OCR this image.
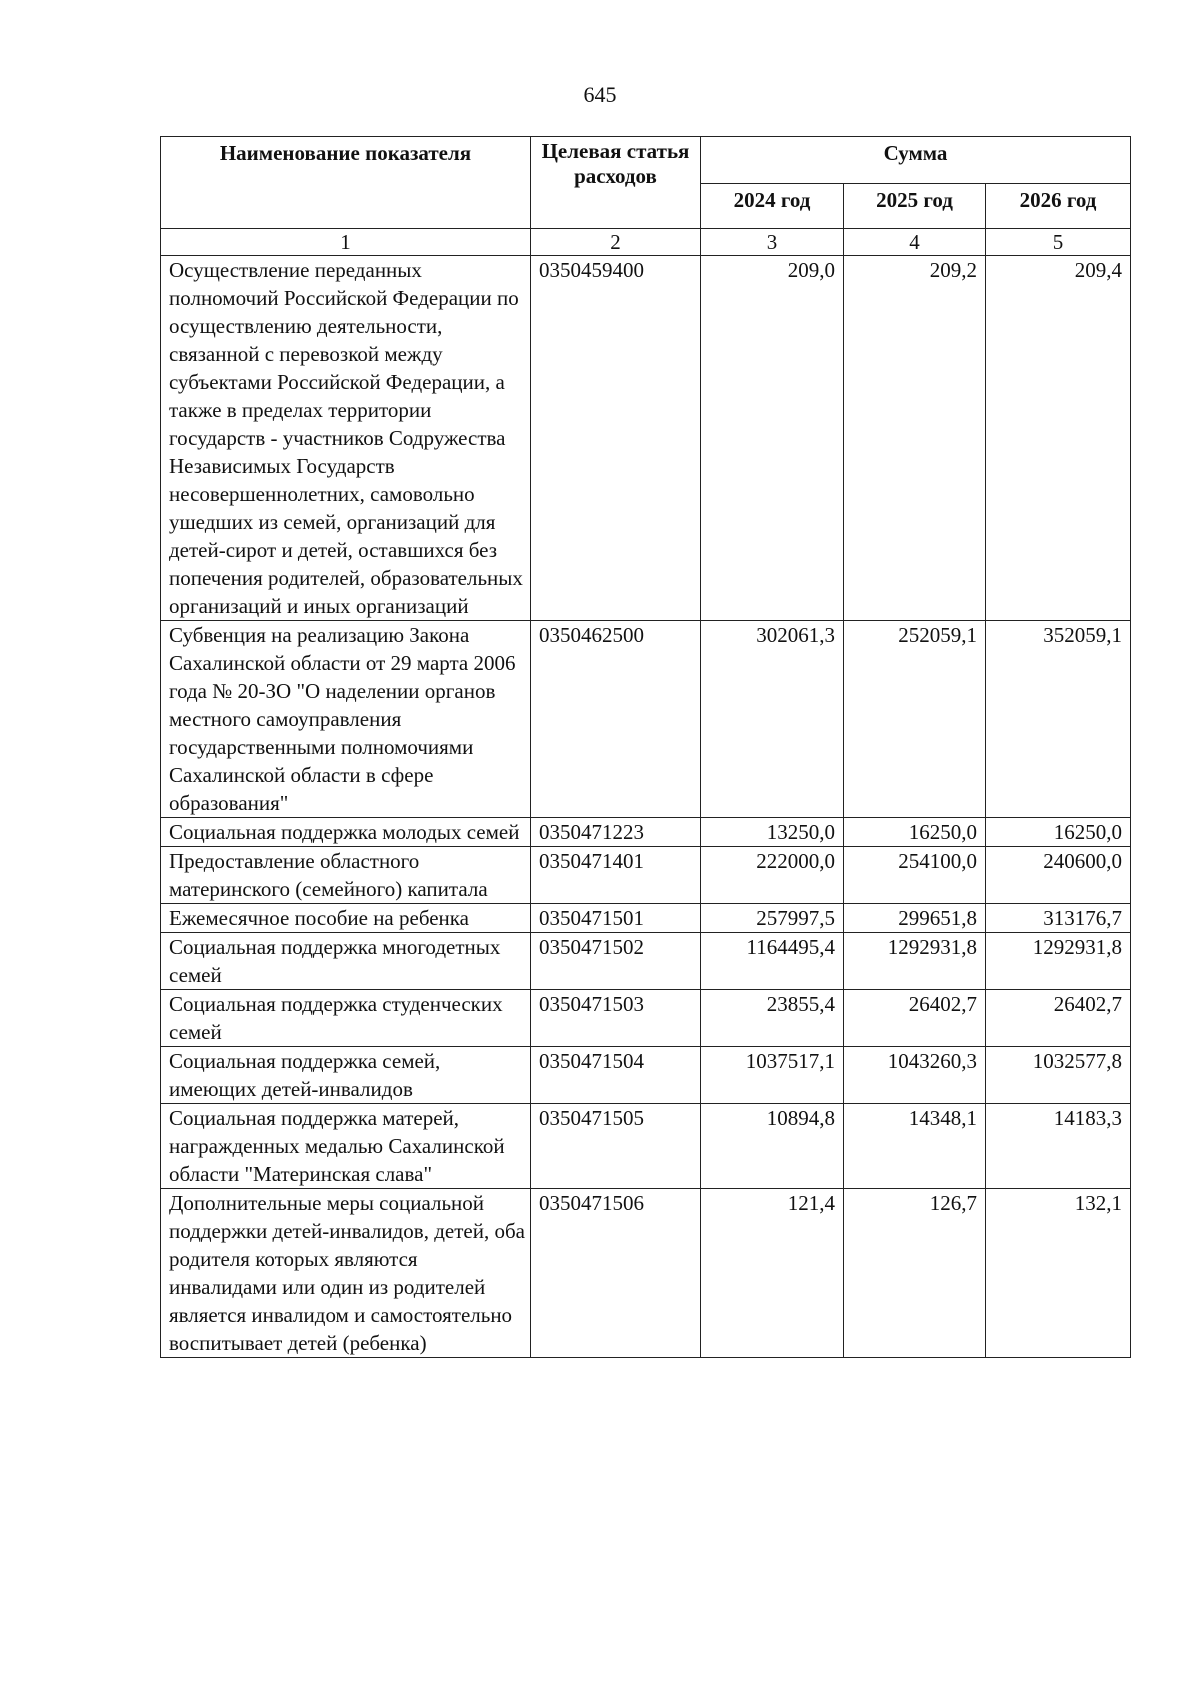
645
Наименование показателя	Целевая статья расходов	Сумма		
		2024 год	2025 год	2026 год
1	2	3	4	5
Осуществление переданных полномочий Российской Федерации по осуществлению деятельности, связанной с перевозкой между субъектами Российской Федерации, а также в пределах территории государств - участников Содружества Независимых Государств несовершеннолетних, самовольно ушедших из семей, организаций для детей-сирот и детей, оставшихся без попечения родителей, образовательных организаций и иных организаций	0350459400	209,0	209,2	209,4
Субвенция на реализацию Закона Сахалинской области от 29 марта 2006 года № 20-ЗО "О наделении органов местного самоуправления государственными полномочиями Сахалинской области в сфере образования"	0350462500	302061,3	252059,1	352059,1
Социальная поддержка молодых семей	0350471223	13250,0	16250,0	16250,0
Предоставление областного материнского (семейного) капитала	0350471401	222000,0	254100,0	240600,0
Ежемесячное пособие на ребенка	0350471501	257997,5	299651,8	313176,7
Социальная поддержка многодетных семей	0350471502	1164495,4	1292931,8	1292931,8
Социальная поддержка студенческих семей	0350471503	23855,4	26402,7	26402,7
Социальная поддержка семей, имеющих детей-инвалидов	0350471504	1037517,1	1043260,3	1032577,8
Социальная поддержка матерей, награжденных медалью Сахалинской области "Материнская слава"	0350471505	10894,8	14348,1	14183,3
Дополнительные меры социальной поддержки детей-инвалидов, детей, оба родителя которых являются инвалидами или один из родителей является инвалидом и самостоятельно воспитывает детей (ребенка)	0350471506	121,4	126,7	132,1
